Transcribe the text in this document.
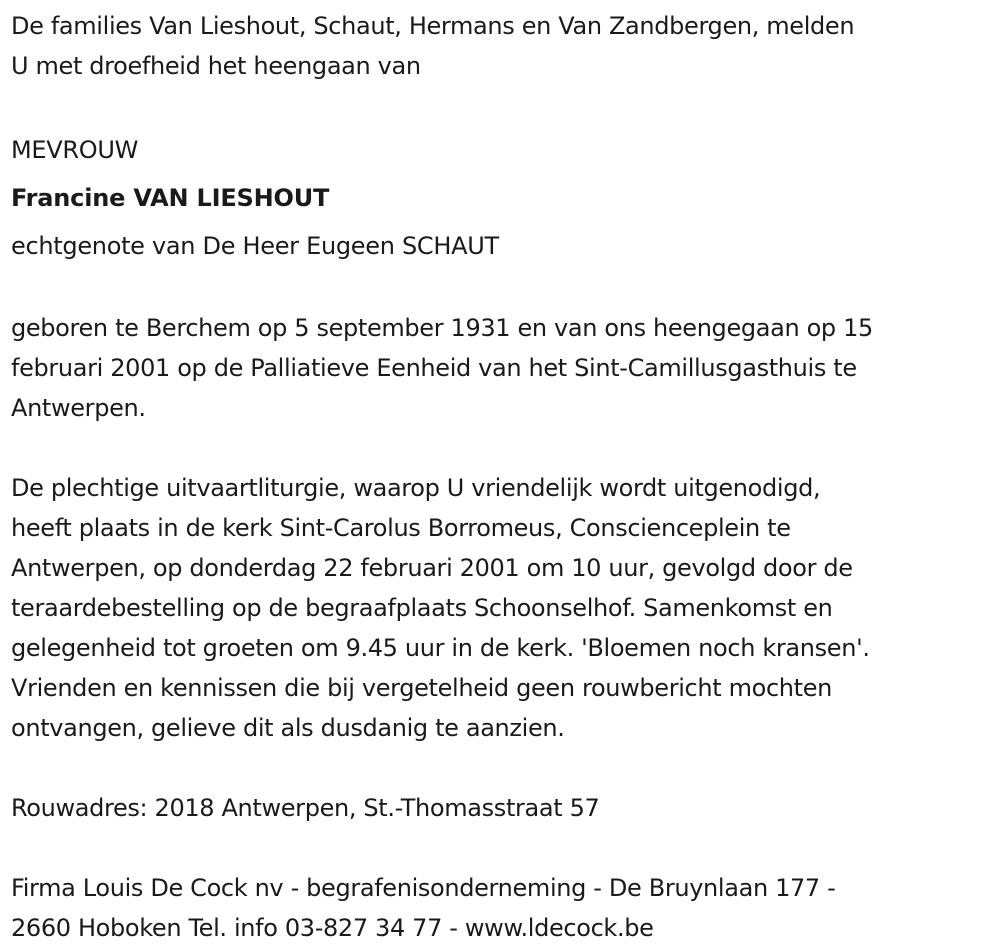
De families Van Lieshout, Schaut, Hermans en Van Zandbergen, melden
U met droefheid het heengaan van

MEVROUW

Francine VAN LIESHOUT

echtgenote van De Heer Eugeen SCHAUT

geboren te Berchem op 5 september 1931 en van ons heengegaan op 15
februari 2001 op de Palliatieve Eenheid van het Sint-Camillusgasthuis te
Antwerpen.

De plechtige uitvaartliturgie, waarop U vriendelijk wordt uitgenodigd,
heeft plaats in de kerk Sint-Carolus Borromeus, Conscienceplein te
Antwerpen, op donderdag 22 februari 2001 om 10 uur, gevolgd door de
teraardebestelling op de begraafplaats Schoonselhof. Samenkomst en
gelegenheid tot groeten om 9.45 uur in de kerk. 'Bloemen noch kransen'.
Vrienden en kennissen die bij vergetelheid geen rouwbericht mochten
ontvangen, gelieve dit als dusdanig te aanzien.

Rouwadres: 2018 Antwerpen, St.-Thomasstraat 57

Firma Louis De Cock nv - begrafenisonderneming - De Bruynlaan 177 -
2660 Hoboken Tel. info 03-827 34 77 - www.ldecock.be
